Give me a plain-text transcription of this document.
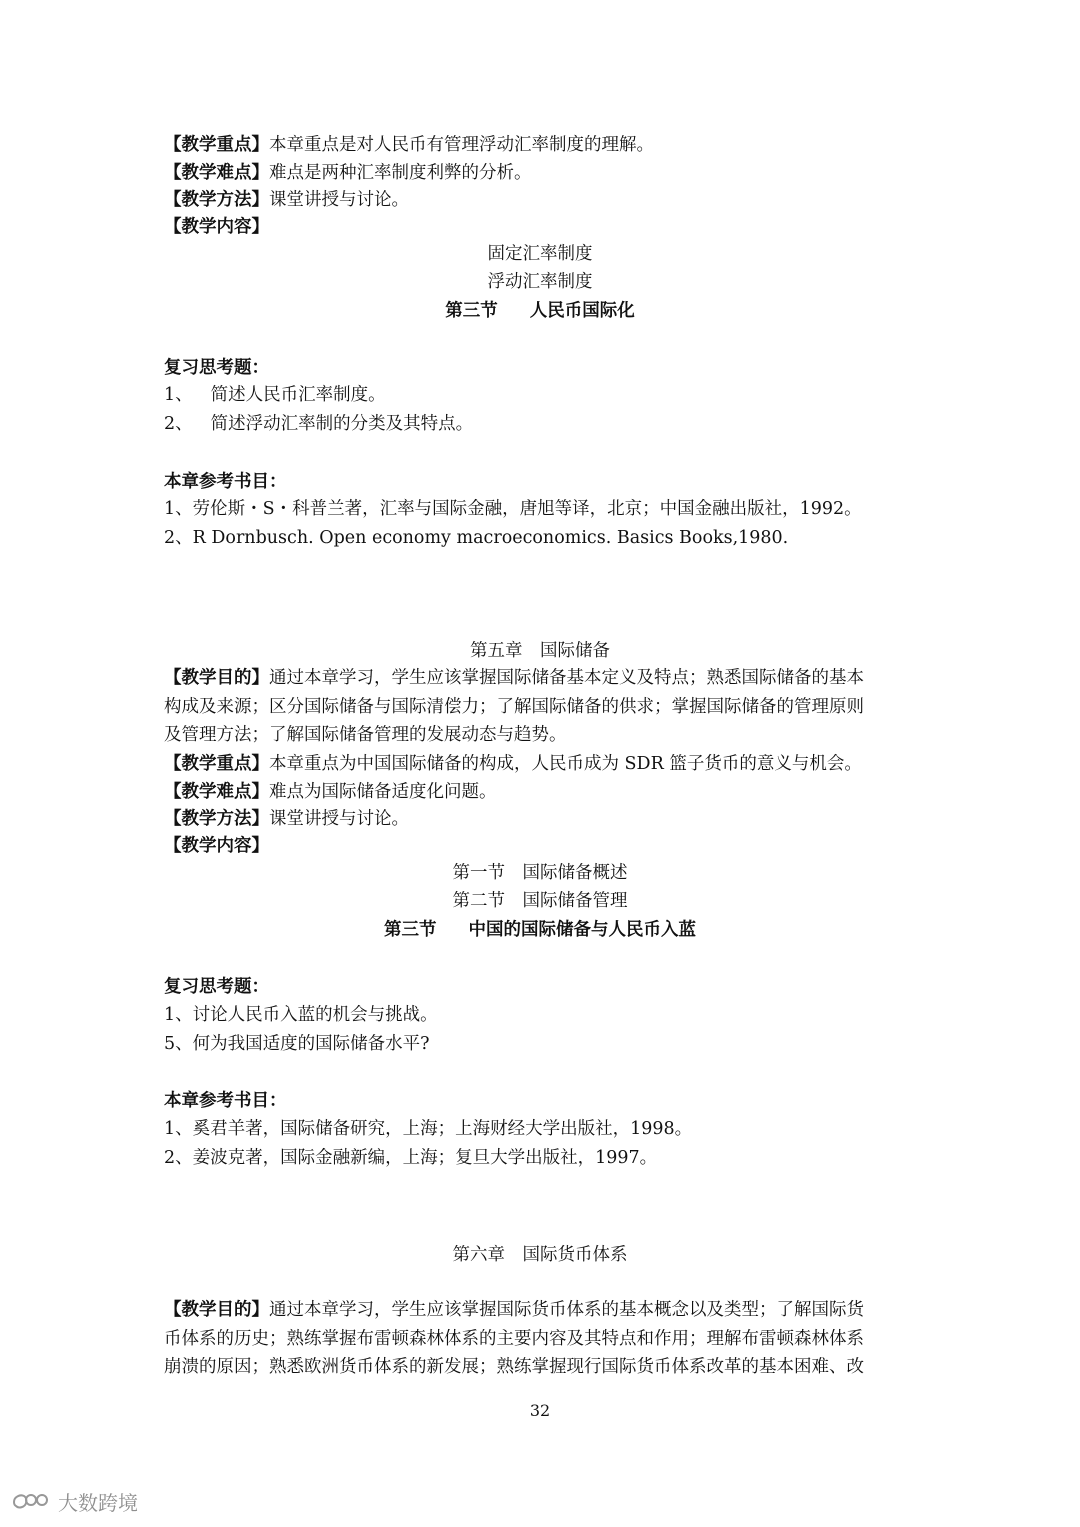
【教学重点】本章重点是对人民币有管理浮动汇率制度的理解。
【教学难点】难点是两种汇率制度利弊的分析。
【教学方法】课堂讲授与讨论。
【教学内容】
固定汇率制度
浮动汇率制度
第三节 人民币国际化
复习思考题：
1、 简述人民币汇率制度。
2、 简述浮动汇率制的分类及其特点。
本章参考书目：
1、劳伦斯・S・科普兰著，汇率与国际金融，唐旭等译，北京；中国金融出版社，1992。
2、R Dornbusch. Open economy macroeconomics. Basics Books,1980.
第五章　国际储备
【教学目的】通过本章学习，学生应该掌握国际储备基本定义及特点；熟悉国际储备的基本
构成及来源；区分国际储备与国际清偿力；了解国际储备的供求；掌握国际储备的管理原则
及管理方法；了解国际储备管理的发展动态与趋势。
【教学重点】本章重点为中国国际储备的构成，人民币成为 SDR 篮子货币的意义与机会。
【教学难点】难点为国际储备适度化问题。
【教学方法】课堂讲授与讨论。
【教学内容】
第一节　国际储备概述
第二节　国际储备管理
第三节 中国的国际储备与人民币入蓝
复习思考题：
1、讨论人民币入蓝的机会与挑战。
5、何为我国适度的国际储备水平?
本章参考书目：
1、奚君羊著，国际储备研究，上海；上海财经大学出版社，1998。
2、姜波克著，国际金融新编，上海；复旦大学出版社，1997。
第六章　国际货币体系
【教学目的】通过本章学习，学生应该掌握国际货币体系的基本概念以及类型；了解国际货
币体系的历史；熟练掌握布雷顿森林体系的主要内容及其特点和作用；理解布雷顿森林体系
崩溃的原因；熟悉欧洲货币体系的新发展；熟练掌握现行国际货币体系改革的基本困难、改
32
大数跨境
